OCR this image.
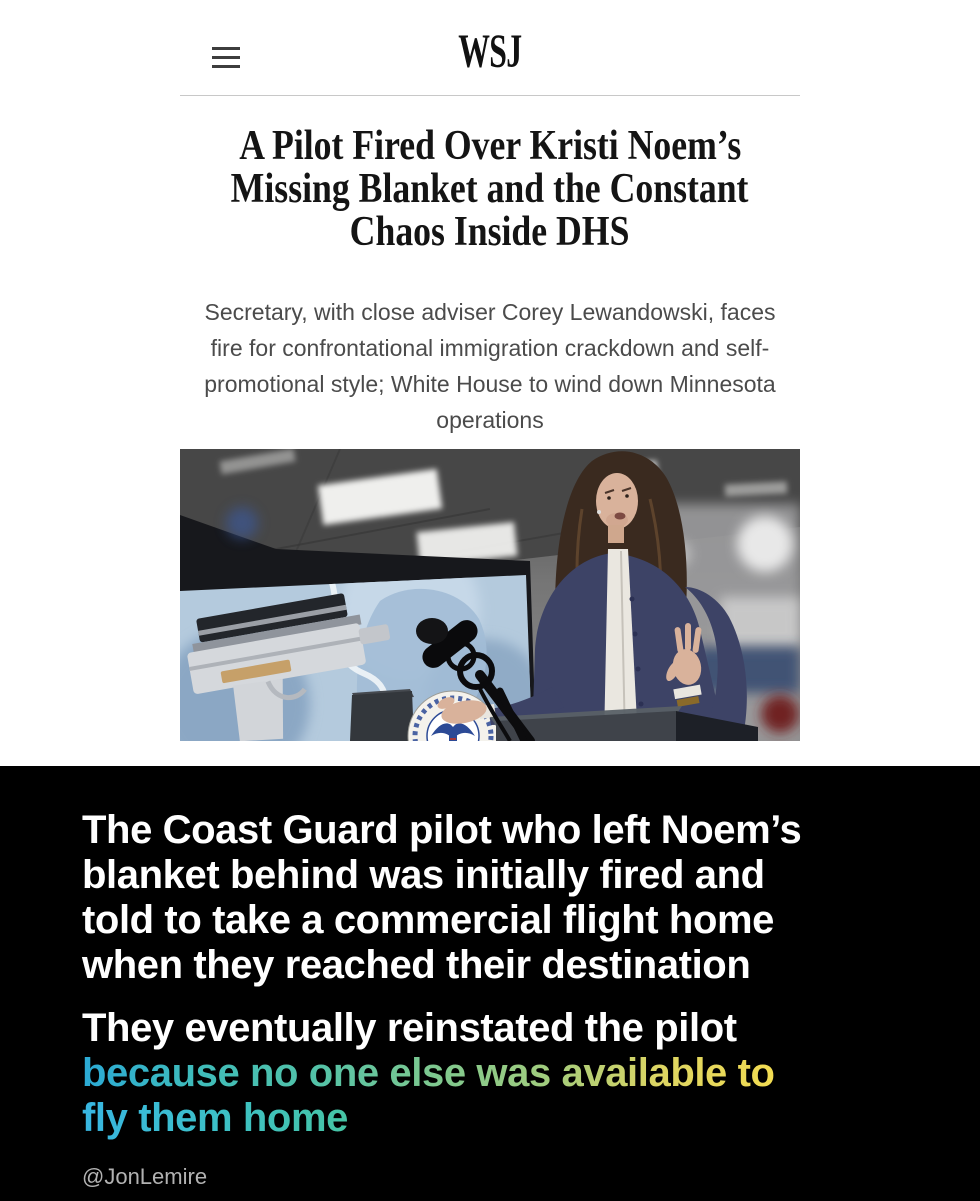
WSJ
A Pilot Fired Over Kristi Noem’s
Missing Blanket and the Constant
Chaos Inside DHS
Secretary, with close adviser Corey Lewandowski, faces
fire for confrontational immigration crackdown and self-
promotional style; White House to wind down Minnesota
operations
The Coast Guard pilot who left Noem’s
blanket behind was initially fired and
told to take a commercial flight home
when they reached their destination
They eventually reinstated the pilot
because no one else was available to
fly them home
@JonLemire
